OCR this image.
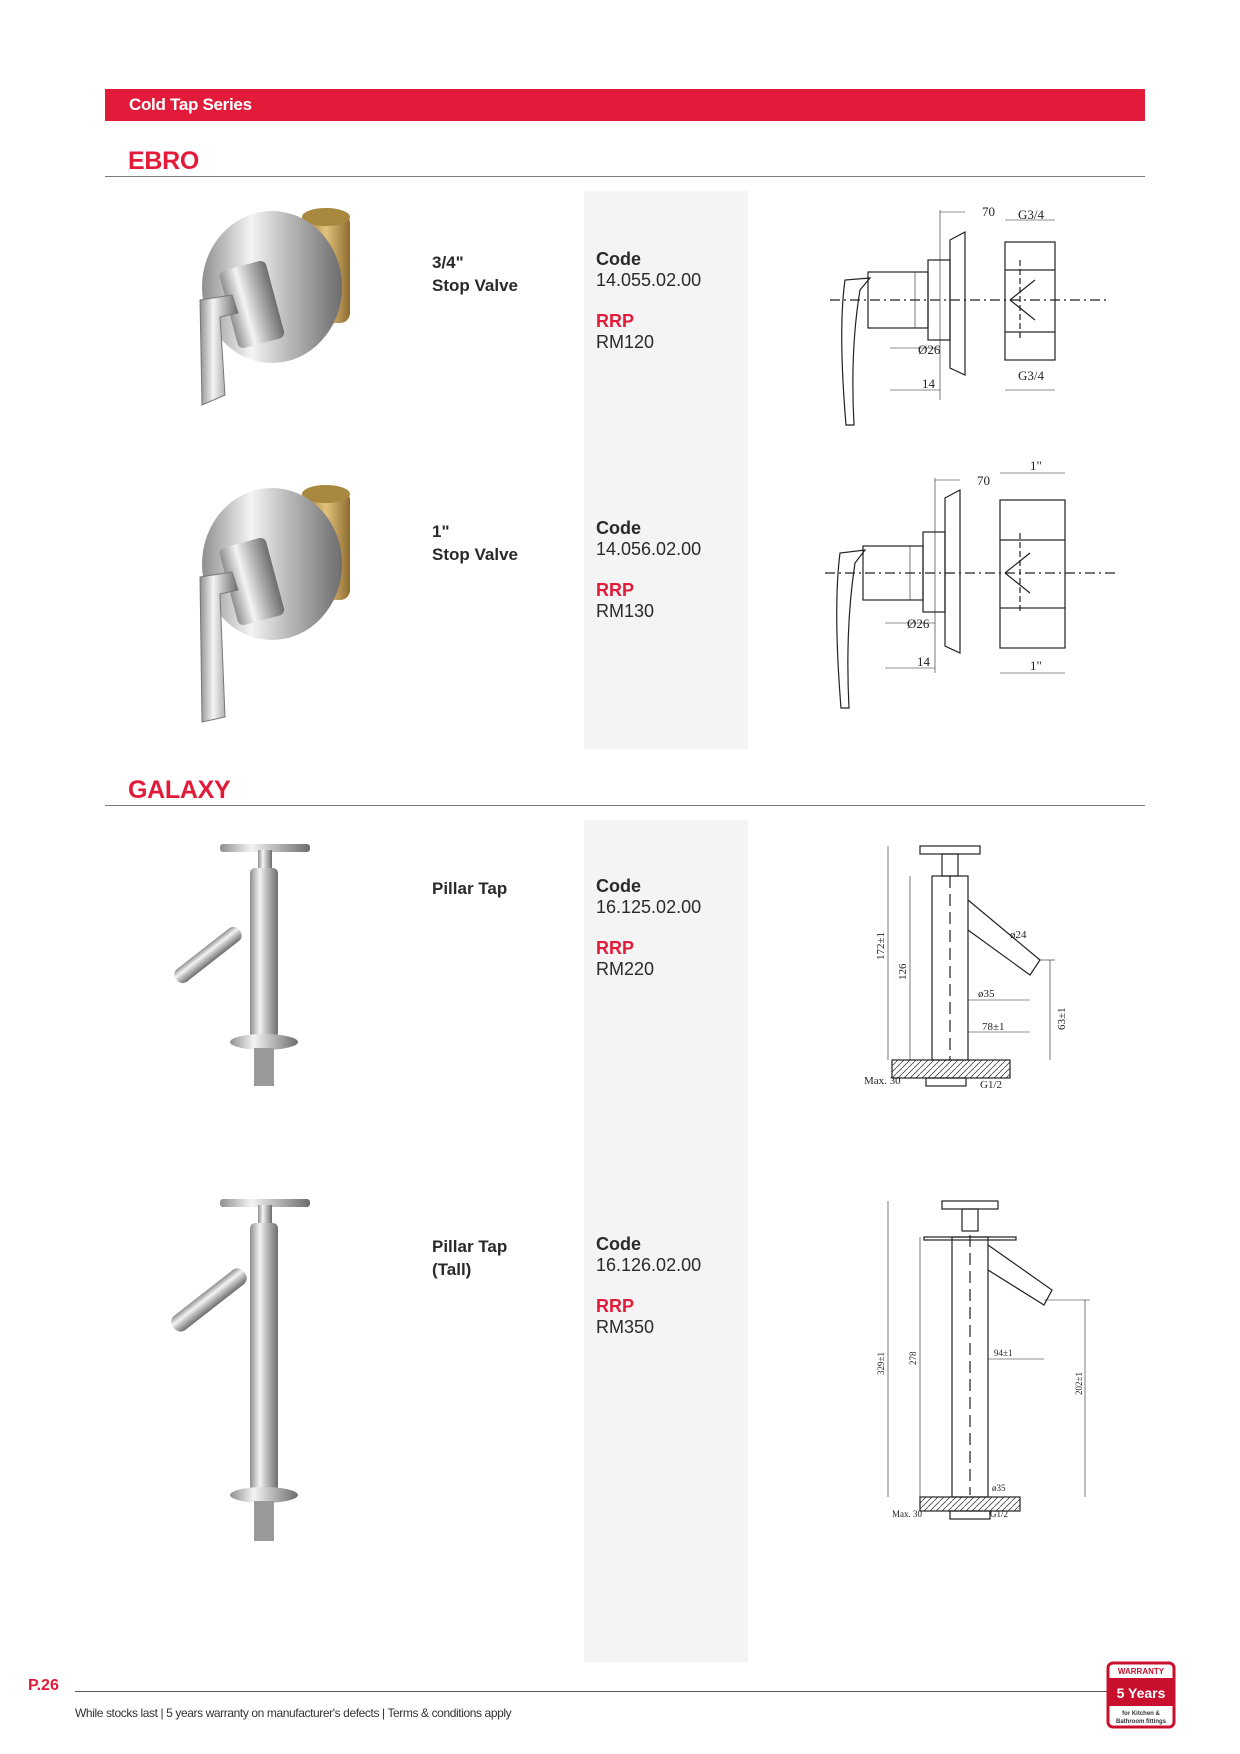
Cold Tap Series
EBRO
GALAXY
3/4"
Stop Valve
Code
14.055.02.00
RRP
RM120
70 G3/4
Ø26
14
G3/4
1"
Stop Valve
Code
14.056.02.00
RRP
RM130
70
1"
Ø26
14	1"
Pillar Tap	Code
16.125.02.00
RRP
RM220
172±1
126
ø24
ø35
78±1	63±1
Max. 30	G1/2
Pillar Tap
(Tall)
Code
16.126.02.00
RRP
RM350
329±1 278	94±1
202±1
ø35
Max. 30	G1/2
P.26
While stocks last | 5 years warranty on manufacturer's defects | Terms & conditions apply
WARRANTY
5 Years
for Kitchen &
Bathroom fittings
